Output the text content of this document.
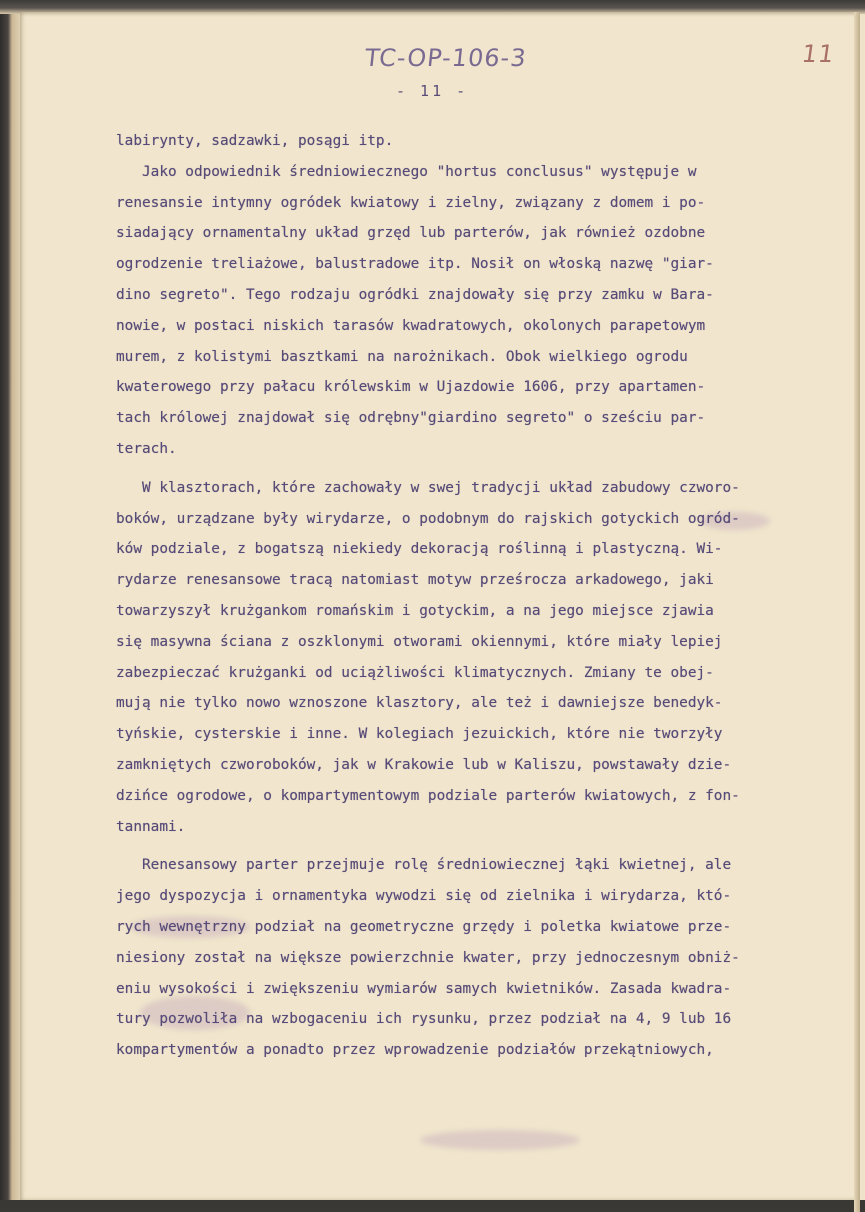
TC-OP-106-3	11
- 11 -
labirynty, sadzawki, posągi itp.
Jako odpowiednik średniowiecznego "hortus conclusus" występuje w
renesansie intymny ogródek kwiatowy i zielny, związany z domem i po-
siadający ornamentalny układ grzęd lub parterów, jak również ozdobne
ogrodzenie treliażowe, balustradowe itp. Nosił on włoską nazwę "giar-
dino segreto". Tego rodzaju ogródki znajdowały się przy zamku w Bara-
nowie, w postaci niskich tarasów kwadratowych, okolonych parapetowym
murem, z kolistymi basztkami na narożnikach. Obok wielkiego ogrodu
kwaterowego przy pałacu królewskim w Ujazdowie 1606, przy apartamen-
tach królowej znajdował się odrębny"giardino segreto" o sześciu par-
terach.
W klasztorach, które zachowały w swej tradycji układ zabudowy czworo-
boków, urządzane były wirydarze, o podobnym do rajskich gotyckich ogród-
ków podziale, z bogatszą niekiedy dekoracją roślinną i plastyczną. Wi-
rydarze renesansowe tracą natomiast motyw prześrocza arkadowego, jaki
towarzyszył krużgankom romańskim i gotyckim, a na jego miejsce zjawia
się masywna ściana z oszklonymi otworami okiennymi, które miały lepiej
zabezpieczać krużganki od uciążliwości klimatycznych. Zmiany te obej-
mują nie tylko nowo wznoszone klasztory, ale też i dawniejsze benedyk-
tyńskie, cysterskie i inne. W kolegiach jezuickich, które nie tworzyły
zamkniętych czworoboków, jak w Krakowie lub w Kaliszu, powstawały dzie-
dzińce ogrodowe, o kompartymentowym podziale parterów kwiatowych, z fon-
tannami.
Renesansowy parter przejmuje rolę średniowiecznej łąki kwietnej, ale
jego dyspozycja i ornamentyka wywodzi się od zielnika i wirydarza, któ-
rych wewnętrzny podział na geometryczne grzędy i poletka kwiatowe prze-
niesiony został na większe powierzchnie kwater, przy jednoczesnym obniż-
eniu wysokości i zwiększeniu wymiarów samych kwietników. Zasada kwadra-
tury pozwoliła na wzbogaceniu ich rysunku, przez podział na 4, 9 lub 16
kompartymentów a ponadto przez wprowadzenie podziałów przekątniowych,
